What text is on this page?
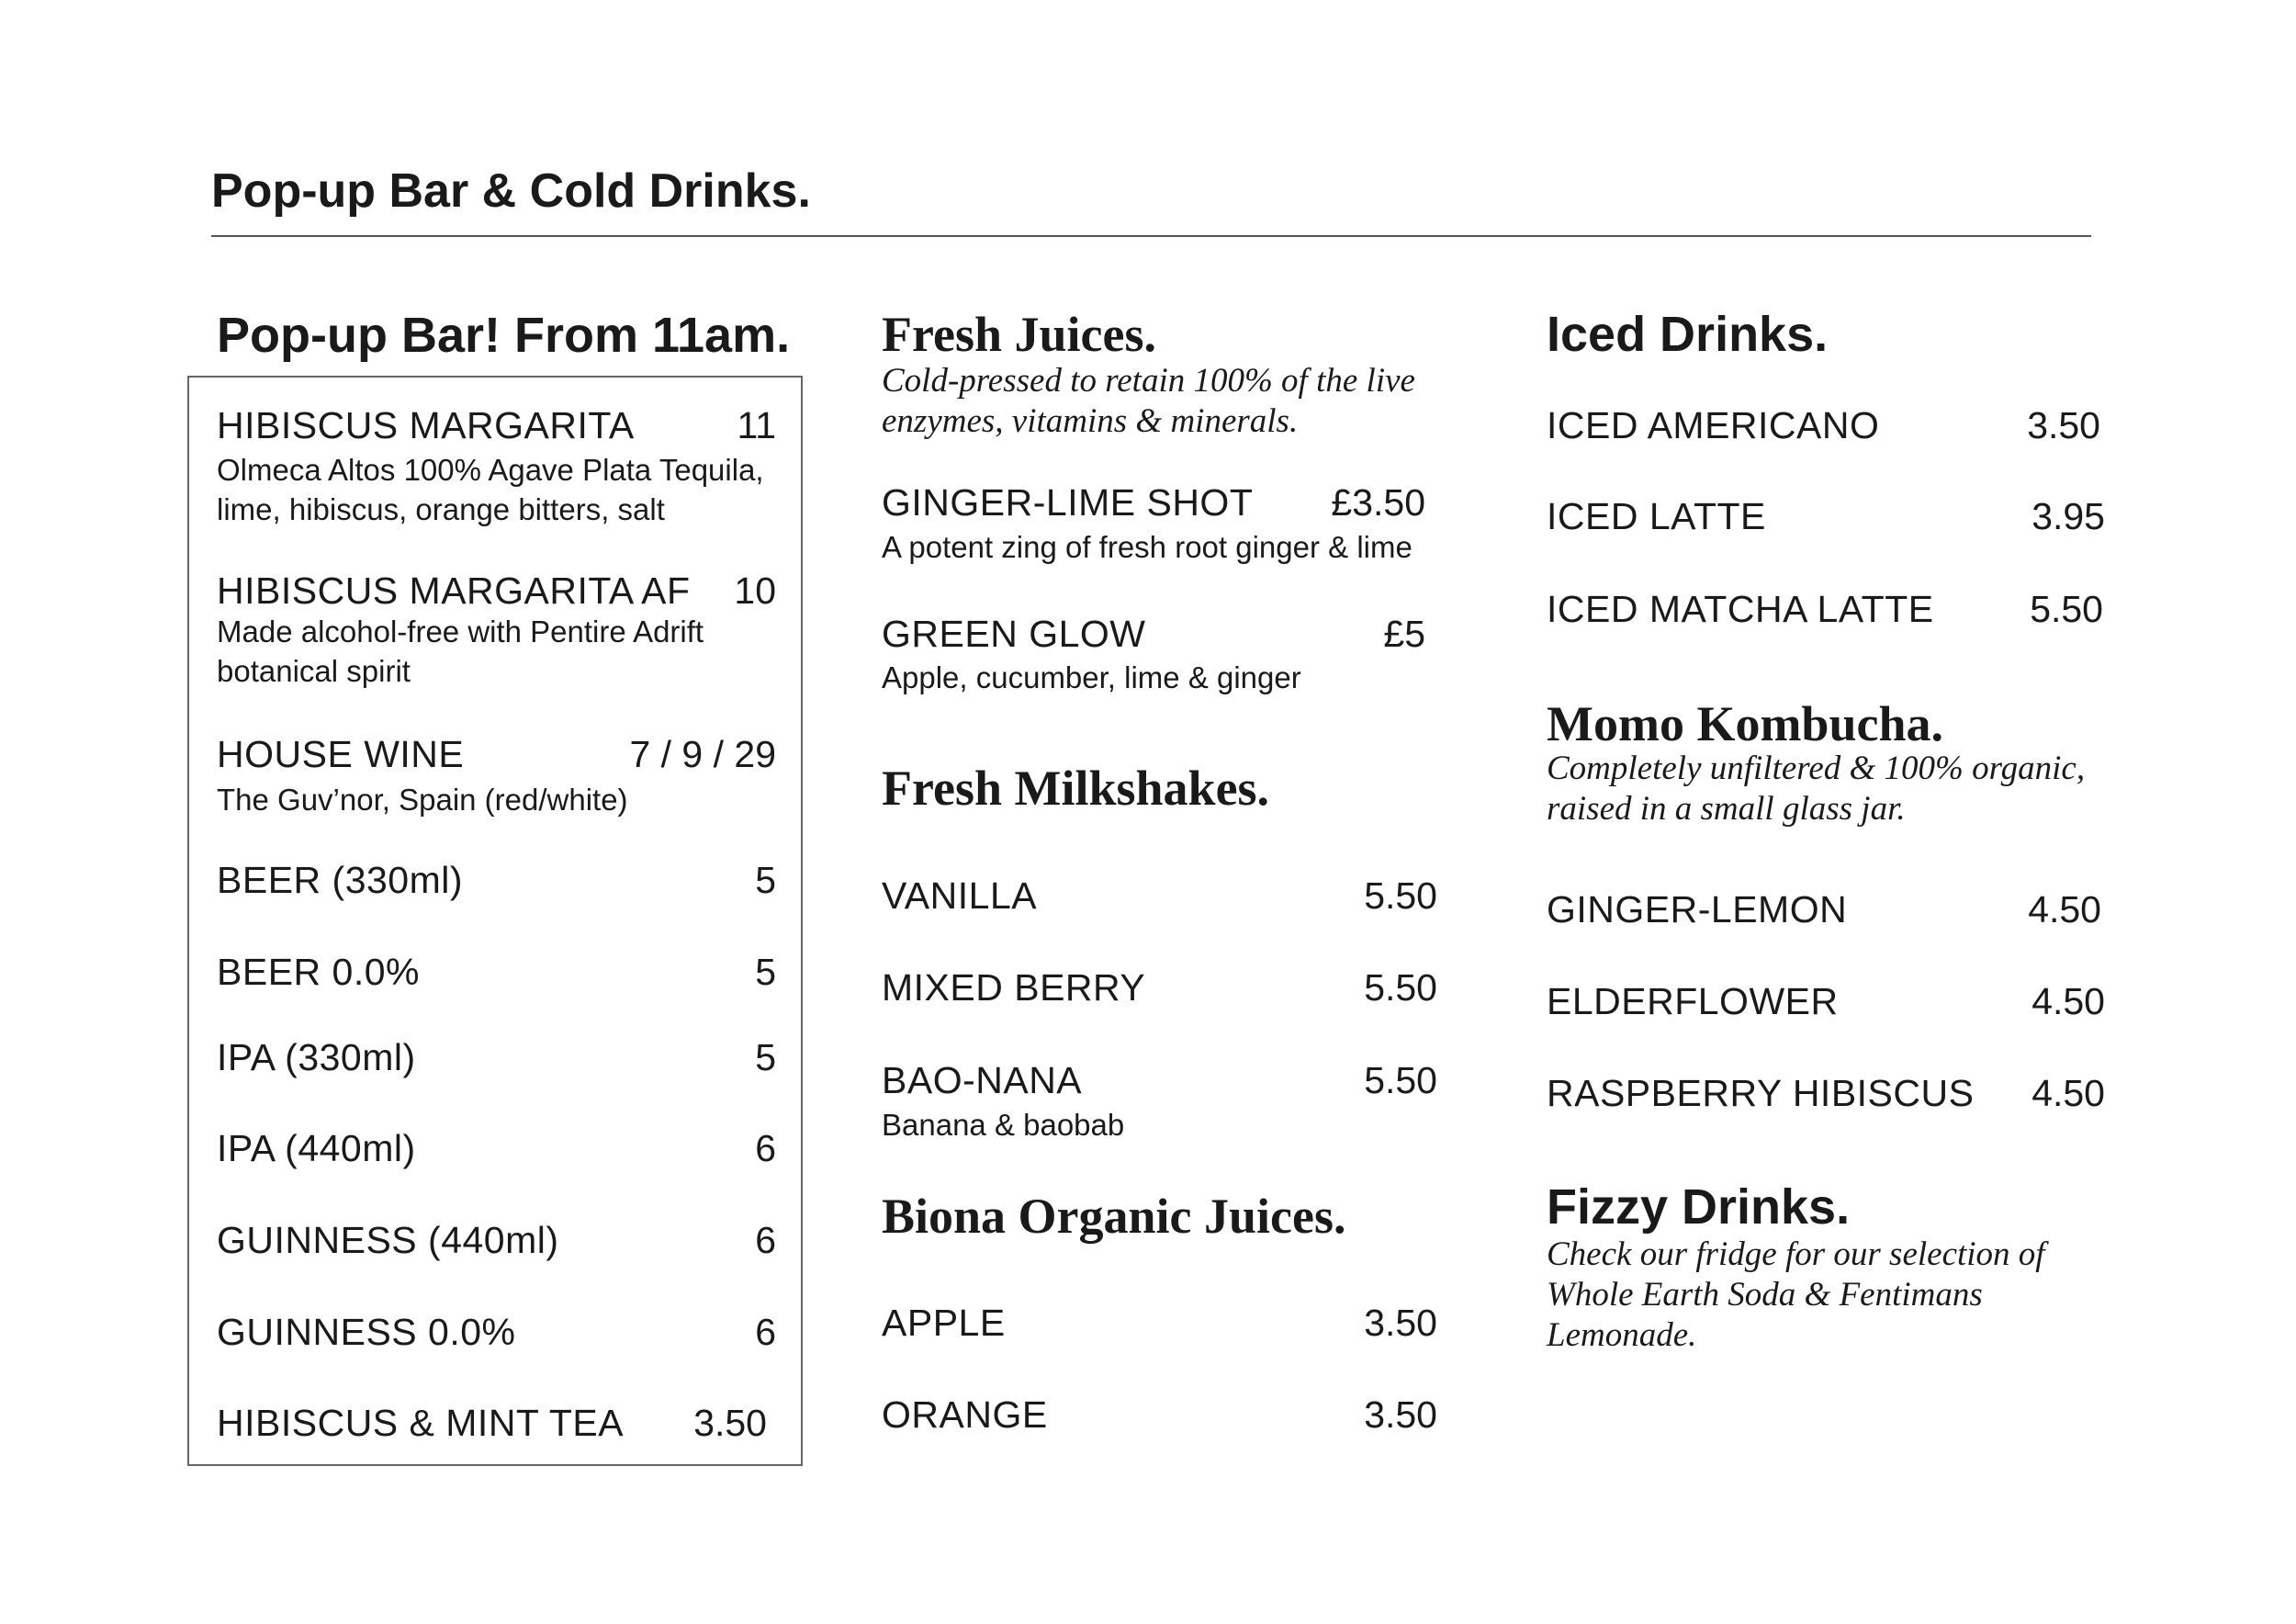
Pop-up Bar & Cold Drinks.
Pop-up Bar! From 11am.
HIBISCUS MARGARITA	11
Olmeca Altos 100% Agave Plata Tequila, lime, hibiscus, orange bitters, salt
HIBISCUS MARGARITA AF 10
Made alcohol-free with Pentire Adrift botanical spirit
HOUSE WINE	7 / 9 / 29
The Guv’nor, Spain (red/white)
BEER (330ml)	5
BEER 0.0%	5
IPA (330ml)	5
IPA (440ml)	6
GUINNESS (440ml)	6
GUINNESS 0.0%	6
HIBISCUS & MINT TEA 3.50
Fresh Juices.
Cold-pressed to retain 100% of the live enzymes, vitamins & minerals.
GINGER-LIME SHOT £3.50
A potent zing of fresh root ginger & lime
GREEN GLOW	£5
Apple, cucumber, lime & ginger
Fresh Milkshakes.
VANILLA	5.50
MIXED BERRY	5.50
BAO-NANA	5.50
Banana & baobab
Biona Organic Juices.
APPLE	3.50
ORANGE	3.50
Iced Drinks.
ICED AMERICANO	3.50
ICED LATTE	3.95
ICED MATCHA LATTE	5.50
Momo Kombucha.
Completely unfiltered & 100% organic, raised in a small glass jar.
GINGER-LEMON	4.50
ELDERFLOWER	4.50
RASPBERRY HIBISCUS 4.50
Fizzy Drinks.
Check our fridge for our selection of Whole Earth Soda & Fentimans Lemonade.
